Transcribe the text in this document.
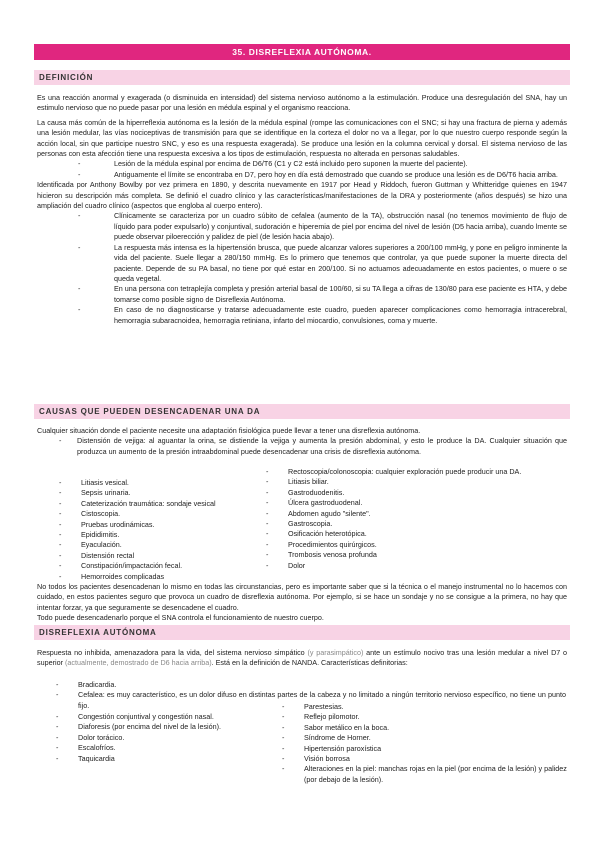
35. DISREFLEXIA AUTÓNOMA.
DEFINICIÓN

Es una reacción anormal y exagerada (o disminuida en intensidad) del sistema nervioso autónomo a la estimulación. Produce una desregulación del SNA, hay un estimulo nervioso que no puede pasar por una lesión en médula espinal y el organismo reacciona.

La causa más común de la hiperreflexia autónoma es la lesión de la médula espinal (rompe las comunicaciones con el SNC; si hay una fractura de pierna y además una lesión medular, las vías nociceptivas de transmisión para que se identifique en la corteza el dolor no va a llegar, por lo que nuestro cuerpo responde según la acción local, sin que participe nuestro SNC, y eso es una respuesta exagerada). Se produce una lesión en la columna cervical y dorsal. El sistema nervioso de las personas con esta afección tiene una respuesta excesiva a los tipos de estimulación, respuesta no alterada en personas saludables.

-	Lesión de la médula espinal por encima de D6/T6 (C1 y C2 está incluido pero suponen la muerte del paciente).
-	Antiguamente el límite se encontraba en D7, pero hoy en día está demostrado que cuando se produce una lesión es de D6/T6 hacia arriba.

Identificada por Anthony Bowlby por vez primera en 1890, y descrita nuevamente en 1917 por Head y Riddoch, fueron Guttman y Whitteridge quienes en 1947 hicieron su descripción más completa. Se definió el cuadro clínico y las características/manifestaciones de la DRA y posteriormente (años después) se hizo una ampliación del cuadro clínico (aspectos que engloba al cuerpo entero).

-	Clínicamente se caracteriza por un cuadro súbito de cefalea (aumento de la TA), obstrucción nasal (no tenemos movimiento de flujo de líquido para poder expulsarlo) y conjuntival, sudoración e hiperemia de piel por encima del nivel de lesión (D5 hacia arriba), cuando lmente se puede observar piloerección y palidez de piel (de lesión hacia abajo).
-	La respuesta más intensa es la hipertensión brusca, que puede alcanzar valores superiores a 200/100 mmHg, y pone en peligro inminente la vida del paciente. Suele llegar a 280/150 mmHg. Es lo primero que tenemos que controlar, ya que puede suponer la muerte directa del paciente. Depende de su PA basal, no tiene por qué estar en 200/100. Si no actuamos adecuadamente en estos pacientes, o muere o se queda vegetal.
-	En una persona con tetraplejía completa y presión arterial basal de 100/60, si su TA llega a cifras de 130/80 para ese paciente es HTA, y debe tomarse como posible signo de Disreflexia Autónoma.
-	En caso de no diagnosticarse y tratarse adecuadamente este cuadro, pueden aparecer complicaciones como hemorragia intracerebral, hemorragia subaracnoidea, hemorragia retiniana, infarto del miocardio, convulsiones, coma y muerte.
CAUSAS QUE PUEDEN DESENCADENAR UNA DA

Cualquier situación donde el paciente necesite una adaptación fisiológica puede llevar a tener una disreflexia autónoma.

- Distensión de vejiga: al aguantar la orina, se distiende la vejiga y aumenta la presión abdominal, y esto le produce la DA. Cualquier situación que produzca un aumento de la presión intraabdominal puede desencadenar una crisis de disreflexia autónoma.
-	Litiasis vesical.
-	Sepsis urinaria.
-	Cateterización traumática: sondaje vesical
-	Cistoscopia.
-	Pruebas urodinámicas.
-	Epididimitis.
-	Eyaculación.
-	Distensión rectal
-	Constipación/impactación fecal.
-	Hemorroides complicadas
-	Rectoscopia/colonoscopia: cualquier exploración puede producir una DA.
-	Litiasis biliar.
-	Gastroduodenitis.
-	Úlcera gastroduodenal.
-	Abdomen agudo "silente".
-	Gastroscopia.
-	Osificación heterotópica.
-	Procedimientos quirúrgicos.
-	Trombosis venosa profunda
-	Dolor

No todos los pacientes desencadenan lo mismo en todas las circunstancias, pero es importante saber que si la técnica o el manejo instrumental no lo hacemos con cuidado, en estos pacientes seguro que provoca un cuadro de disreflexia autónoma. Por ejemplo, si se hace un sondaje y no se consigue a la primera, no hay que intentar forzar, ya que seguramente se desencadene el cuadro.

Todo puede desencadenarlo porque el SNA controla el funcionamiento de nuestro cuerpo.

DISREFLEXIA AUTÓNOMA

Respuesta no inhibida, amenazadora para la vida, del sistema nervioso simpático (y parasimpático) ante un estímulo nocivo tras una lesión medular a nivel D7 o superior (actualmente, demostrado de D6 hacia arriba). Está en la definición de NANDA. Características definitorias:

-	Bradicardia.
-	Cefalea: es muy característico, es un dolor difuso en distintas partes de la cabeza y no limitado a ningún territorio nervioso específico, no tiene un punto fijo.
-	Congestión conjuntival y congestión nasal.
-	Diaforesis (por encima del nivel de la lesión).
-	Dolor torácico.
-	Escalofríos.
-	Taquicardia
-	Parestesias.
-	Reflejo pilomotor.
-	Sabor metálico en la boca.
-	Síndrome de Horner.
-	Hipertensión paroxística
-	Visión borrosa
-	Alteraciones en la piel: manchas rojas en la piel (por encima de la lesión) y palidez (por debajo de la lesión).
